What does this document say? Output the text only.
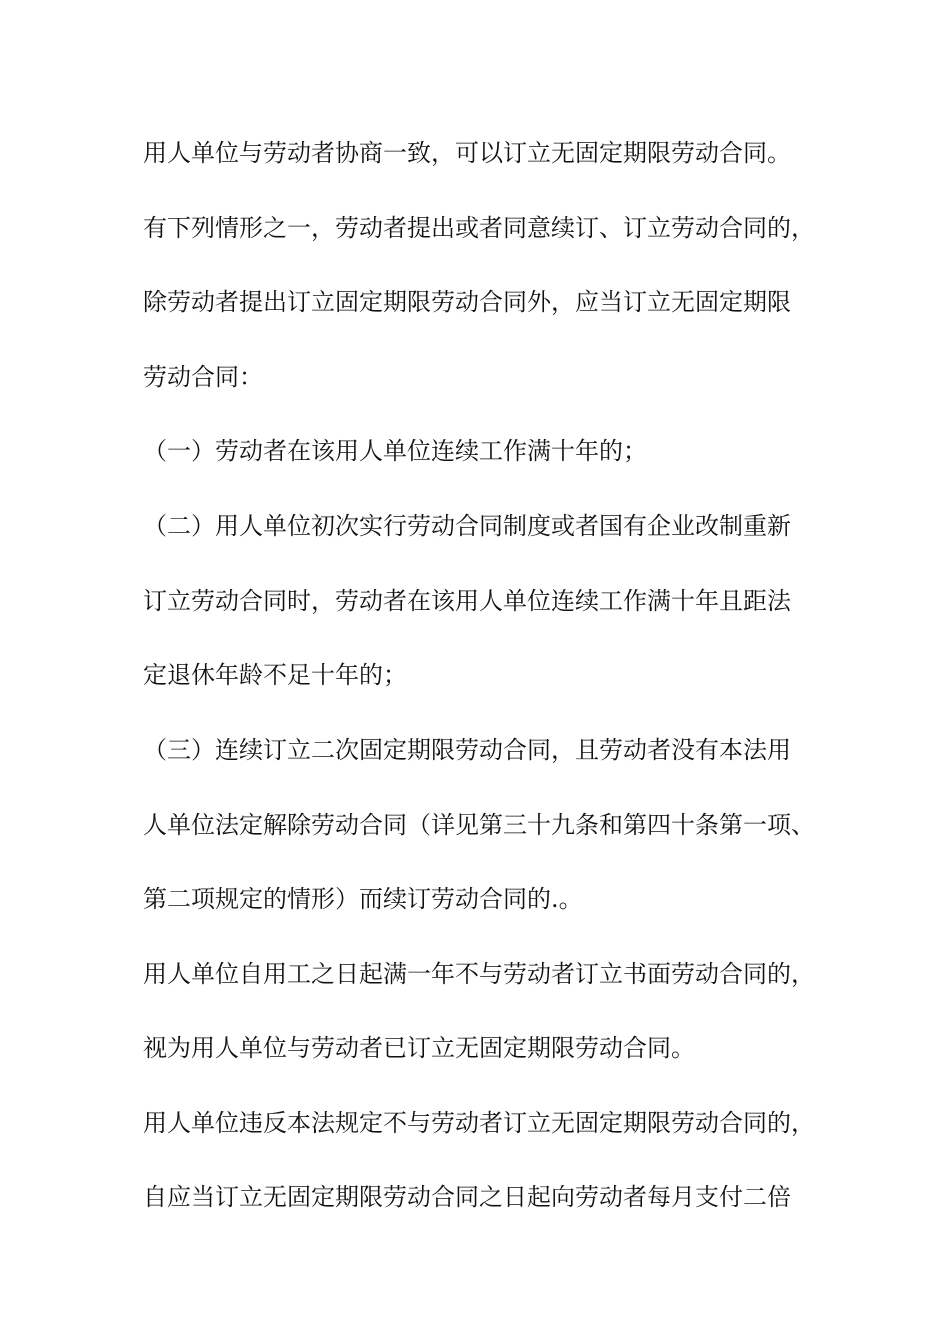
用人单位与劳动者协商一致，可以订立无固定期限劳动合同。
有下列情形之一，劳动者提出或者同意续订、订立劳动合同的，
除劳动者提出订立固定期限劳动合同外，应当订立无固定期限
劳动合同：
（一）劳动者在该用人单位连续工作满十年的；
（二）用人单位初次实行劳动合同制度或者国有企业改制重新
订立劳动合同时，劳动者在该用人单位连续工作满十年且距法
定退休年龄不足十年的；
（三）连续订立二次固定期限劳动合同，且劳动者没有本法用
人单位法定解除劳动合同（详见第三十九条和第四十条第一项、
第二项规定的情形）而续订劳动合同的.。
用人单位自用工之日起满一年不与劳动者订立书面劳动合同的，
视为用人单位与劳动者已订立无固定期限劳动合同。
用人单位违反本法规定不与劳动者订立无固定期限劳动合同的，
自应当订立无固定期限劳动合同之日起向劳动者每月支付二倍
